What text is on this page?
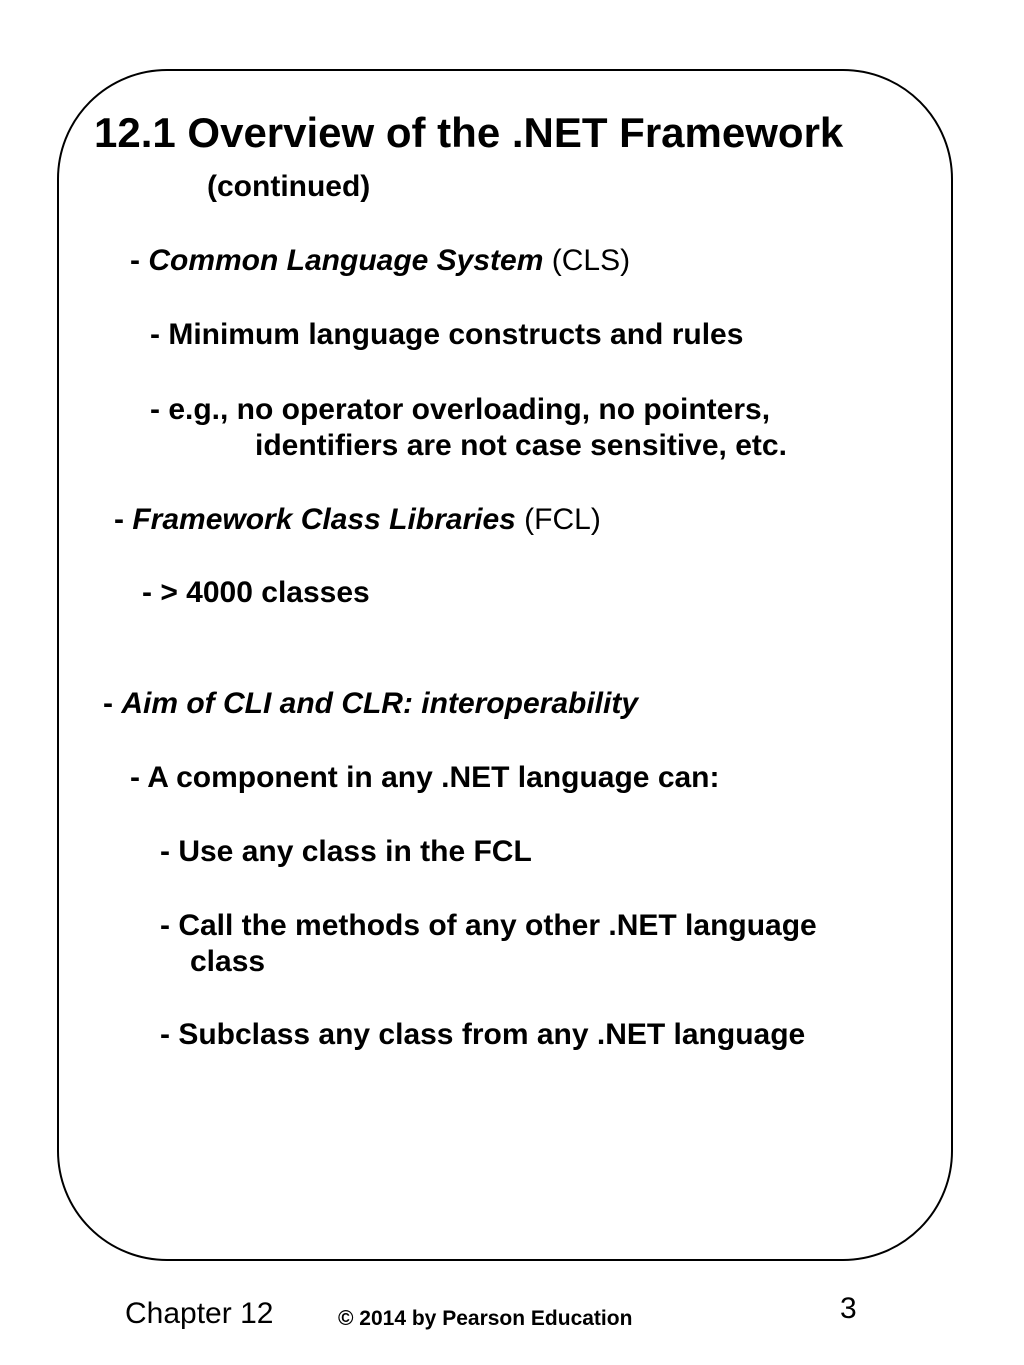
12.1 Overview of the .NET Framework
(continued)
- Common Language System (CLS)
- Minimum language constructs and rules
- e.g., no operator overloading, no pointers,
identifiers are not case sensitive, etc.
- Framework Class Libraries (FCL)
- > 4000 classes
- Aim of CLI and CLR: interoperability
- A component in any .NET language can:
- Use any class in the FCL
- Call the methods of any other .NET language
class
- Subclass any class from any .NET language
Chapter 12	© 2014 by Pearson Education	3
